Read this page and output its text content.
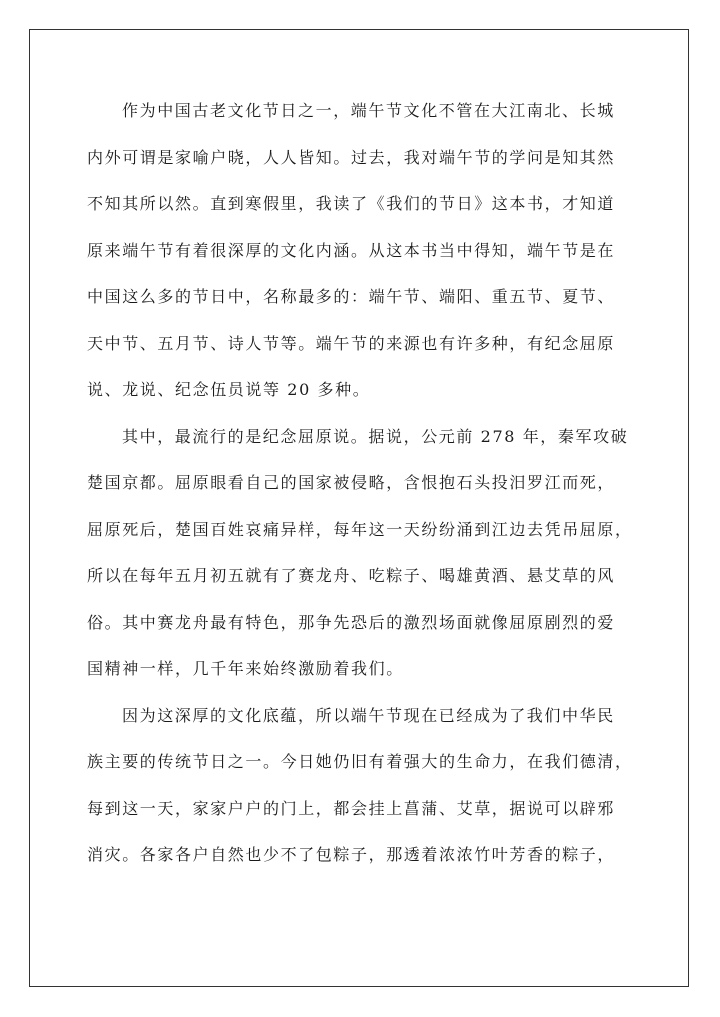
作为中国古老文化节日之一，端午节文化不管在大江南北、长城
内外可谓是家喻户晓，人人皆知。过去，我对端午节的学问是知其然
不知其所以然。直到寒假里，我读了《我们的节日》这本书，才知道
原来端午节有着很深厚的文化内涵。从这本书当中得知，端午节是在
中国这么多的节日中，名称最多的：端午节、端阳、重五节、夏节、
天中节、五月节、诗人节等。端午节的来源也有许多种，有纪念屈原
说、龙说、纪念伍员说等 20 多种。
其中，最流行的是纪念屈原说。据说，公元前 278 年，秦军攻破
楚国京都。屈原眼看自己的国家被侵略，含恨抱石头投汨罗江而死，
屈原死后，楚国百姓哀痛异样，每年这一天纷纷涌到江边去凭吊屈原，
所以在每年五月初五就有了赛龙舟、吃粽子、喝雄黄酒、悬艾草的风
俗。其中赛龙舟最有特色，那争先恐后的激烈场面就像屈原剧烈的爱
国精神一样，几千年来始终激励着我们。
因为这深厚的文化底蕴，所以端午节现在已经成为了我们中华民
族主要的传统节日之一。今日她仍旧有着强大的生命力，在我们德清，
每到这一天，家家户户的门上，都会挂上菖蒲、艾草，据说可以辟邪
消灾。各家各户自然也少不了包粽子，那透着浓浓竹叶芳香的粽子，
